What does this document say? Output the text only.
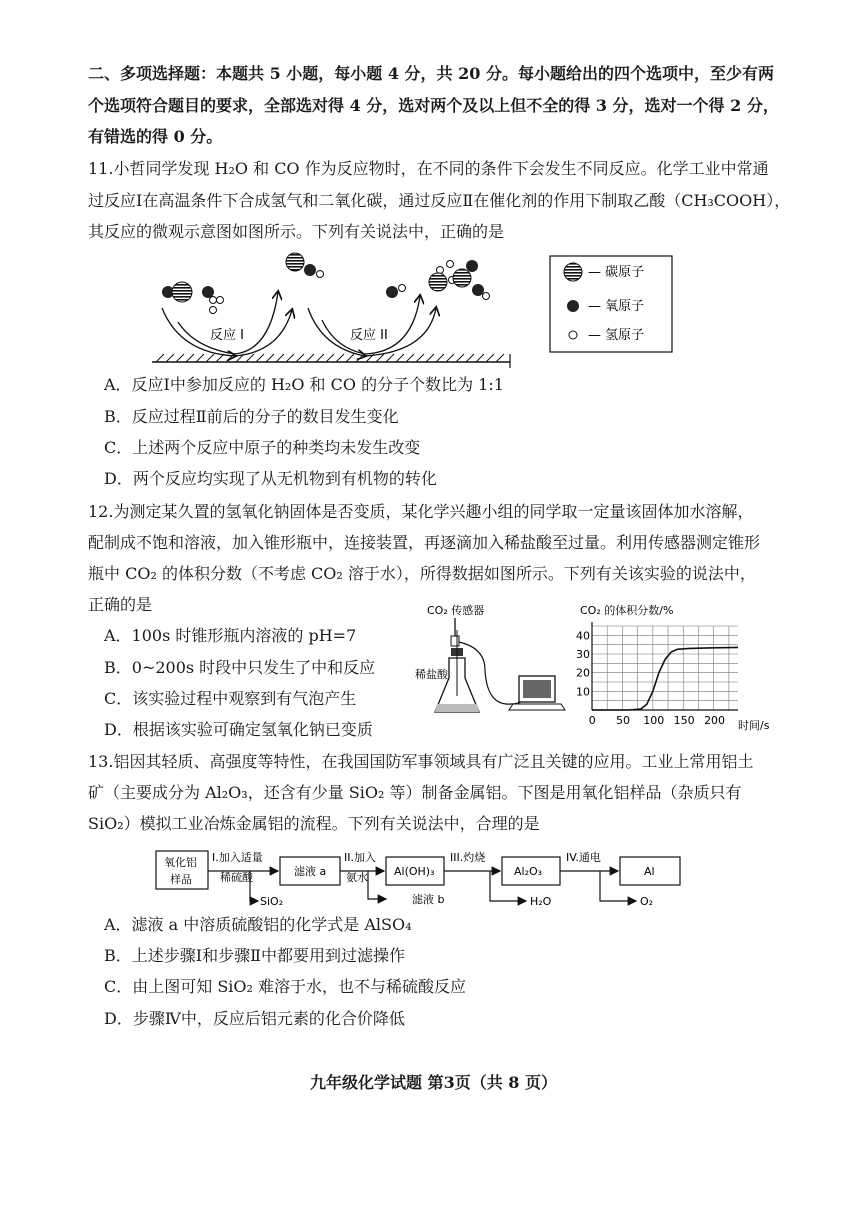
二、多项选择题：本题共 5 小题，每小题 4 分，共 20 分。每小题给出的四个选项中，至少有两
个选项符合题目的要求，全部选对得 4 分，选对两个及以上但不全的得 3 分，选对一个得 2 分，
有错选的得 0 分。
11.小哲同学发现 H₂O 和 CO 作为反应物时，在不同的条件下会发生不同反应。化学工业中常通
过反应Ⅰ在高温条件下合成氢气和二氧化碳，通过反应Ⅱ在催化剂的作用下制取乙酸（CH₃COOH），
其反应的微观示意图如图所示。下列有关说法中，正确的是
反应 I	反应 II
— 碳原子
— 氧原子
— 氢原子
A．反应Ⅰ中参加反应的 H₂O 和 CO 的分子个数比为 1:1
B．反应过程Ⅱ前后的分子的数目发生变化
C．上述两个反应中原子的种类均未发生改变
D．两个反应均实现了从无机物到有机物的转化
12.为测定某久置的氢氧化钠固体是否变质，某化学兴趣小组的同学取一定量该固体加水溶解，
配制成不饱和溶液，加入锥形瓶中，连接装置，再逐滴加入稀盐酸至过量。利用传感器测定锥形
瓶中 CO₂ 的体积分数（不考虑 CO₂ 溶于水），所得数据如图所示。下列有关该实验的说法中，
正确的是
A．100s 时锥形瓶内溶液的 pH=7
B．0~200s 时段中只发生了中和反应
C．该实验过程中观察到有气泡产生
D．根据该实验可确定氢氧化钠已变质
CO₂ 传感器
稀盐酸
CO₂ 的体积分数/%
时间/s
0 50 100 150 200
10
20
30
40
13.铝因其轻质、高强度等特性，在我国国防军事领域具有广泛且关键的应用。工业上常用铝土
矿（主要成分为 Al₂O₃，还含有少量 SiO₂ 等）制备金属铝。下图是用氧化铝样品（杂质只有
SiO₂）模拟工业冶炼金属铝的流程。下列有关说法中，合理的是
氧化铝
样品
滤液 a	Al(OH)₃	Al₂O₃	Al
I.加入适量
稀硫酸
SiO₂
II.加入
氨水
滤液 b
III.灼烧
H₂O
IV.通电
O₂
A．滤液 a 中溶质硫酸铝的化学式是 AlSO₄
B．上述步骤Ⅰ和步骤Ⅱ中都要用到过滤操作
C．由上图可知 SiO₂ 难溶于水，也不与稀硫酸反应
D．步骤Ⅳ中，反应后铝元素的化合价降低
九年级化学试题 第3页（共 8 页）
